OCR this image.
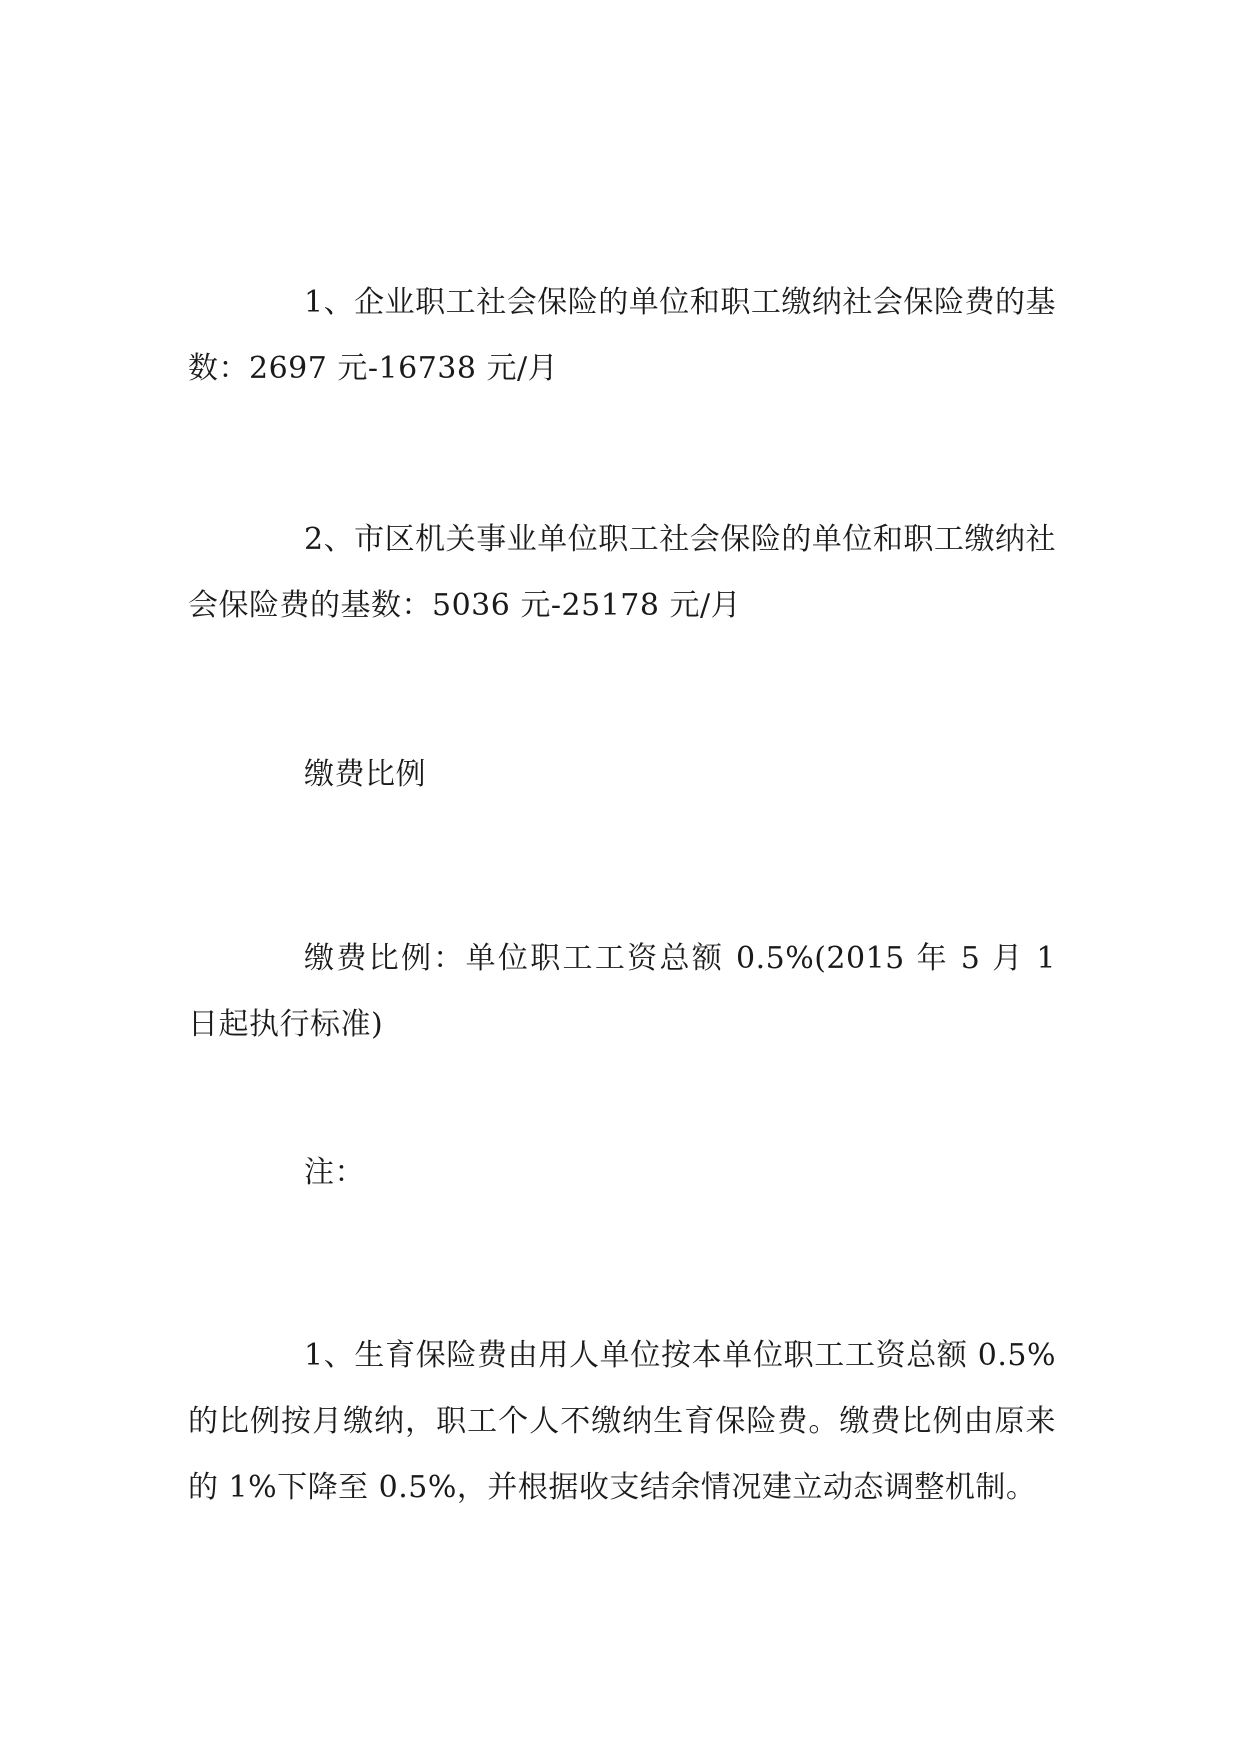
1、企业职工社会保险的单位和职工缴纳社会保险费的基数：2697 元-16738 元/月

2、市区机关事业单位职工社会保险的单位和职工缴纳社会保险费的基数：5036 元-25178 元/月

缴费比例

缴费比例：单位职工工资总额 0.5%(2015 年 5 月 1 日起执行标准)

注：

1、生育保险费由用人单位按本单位职工工资总额 0.5%的比例按月缴纳，职工个人不缴纳生育保险费。缴费比例由原来的 1%下降至 0.5%，并根据收支结余情况建立动态调整机制。
